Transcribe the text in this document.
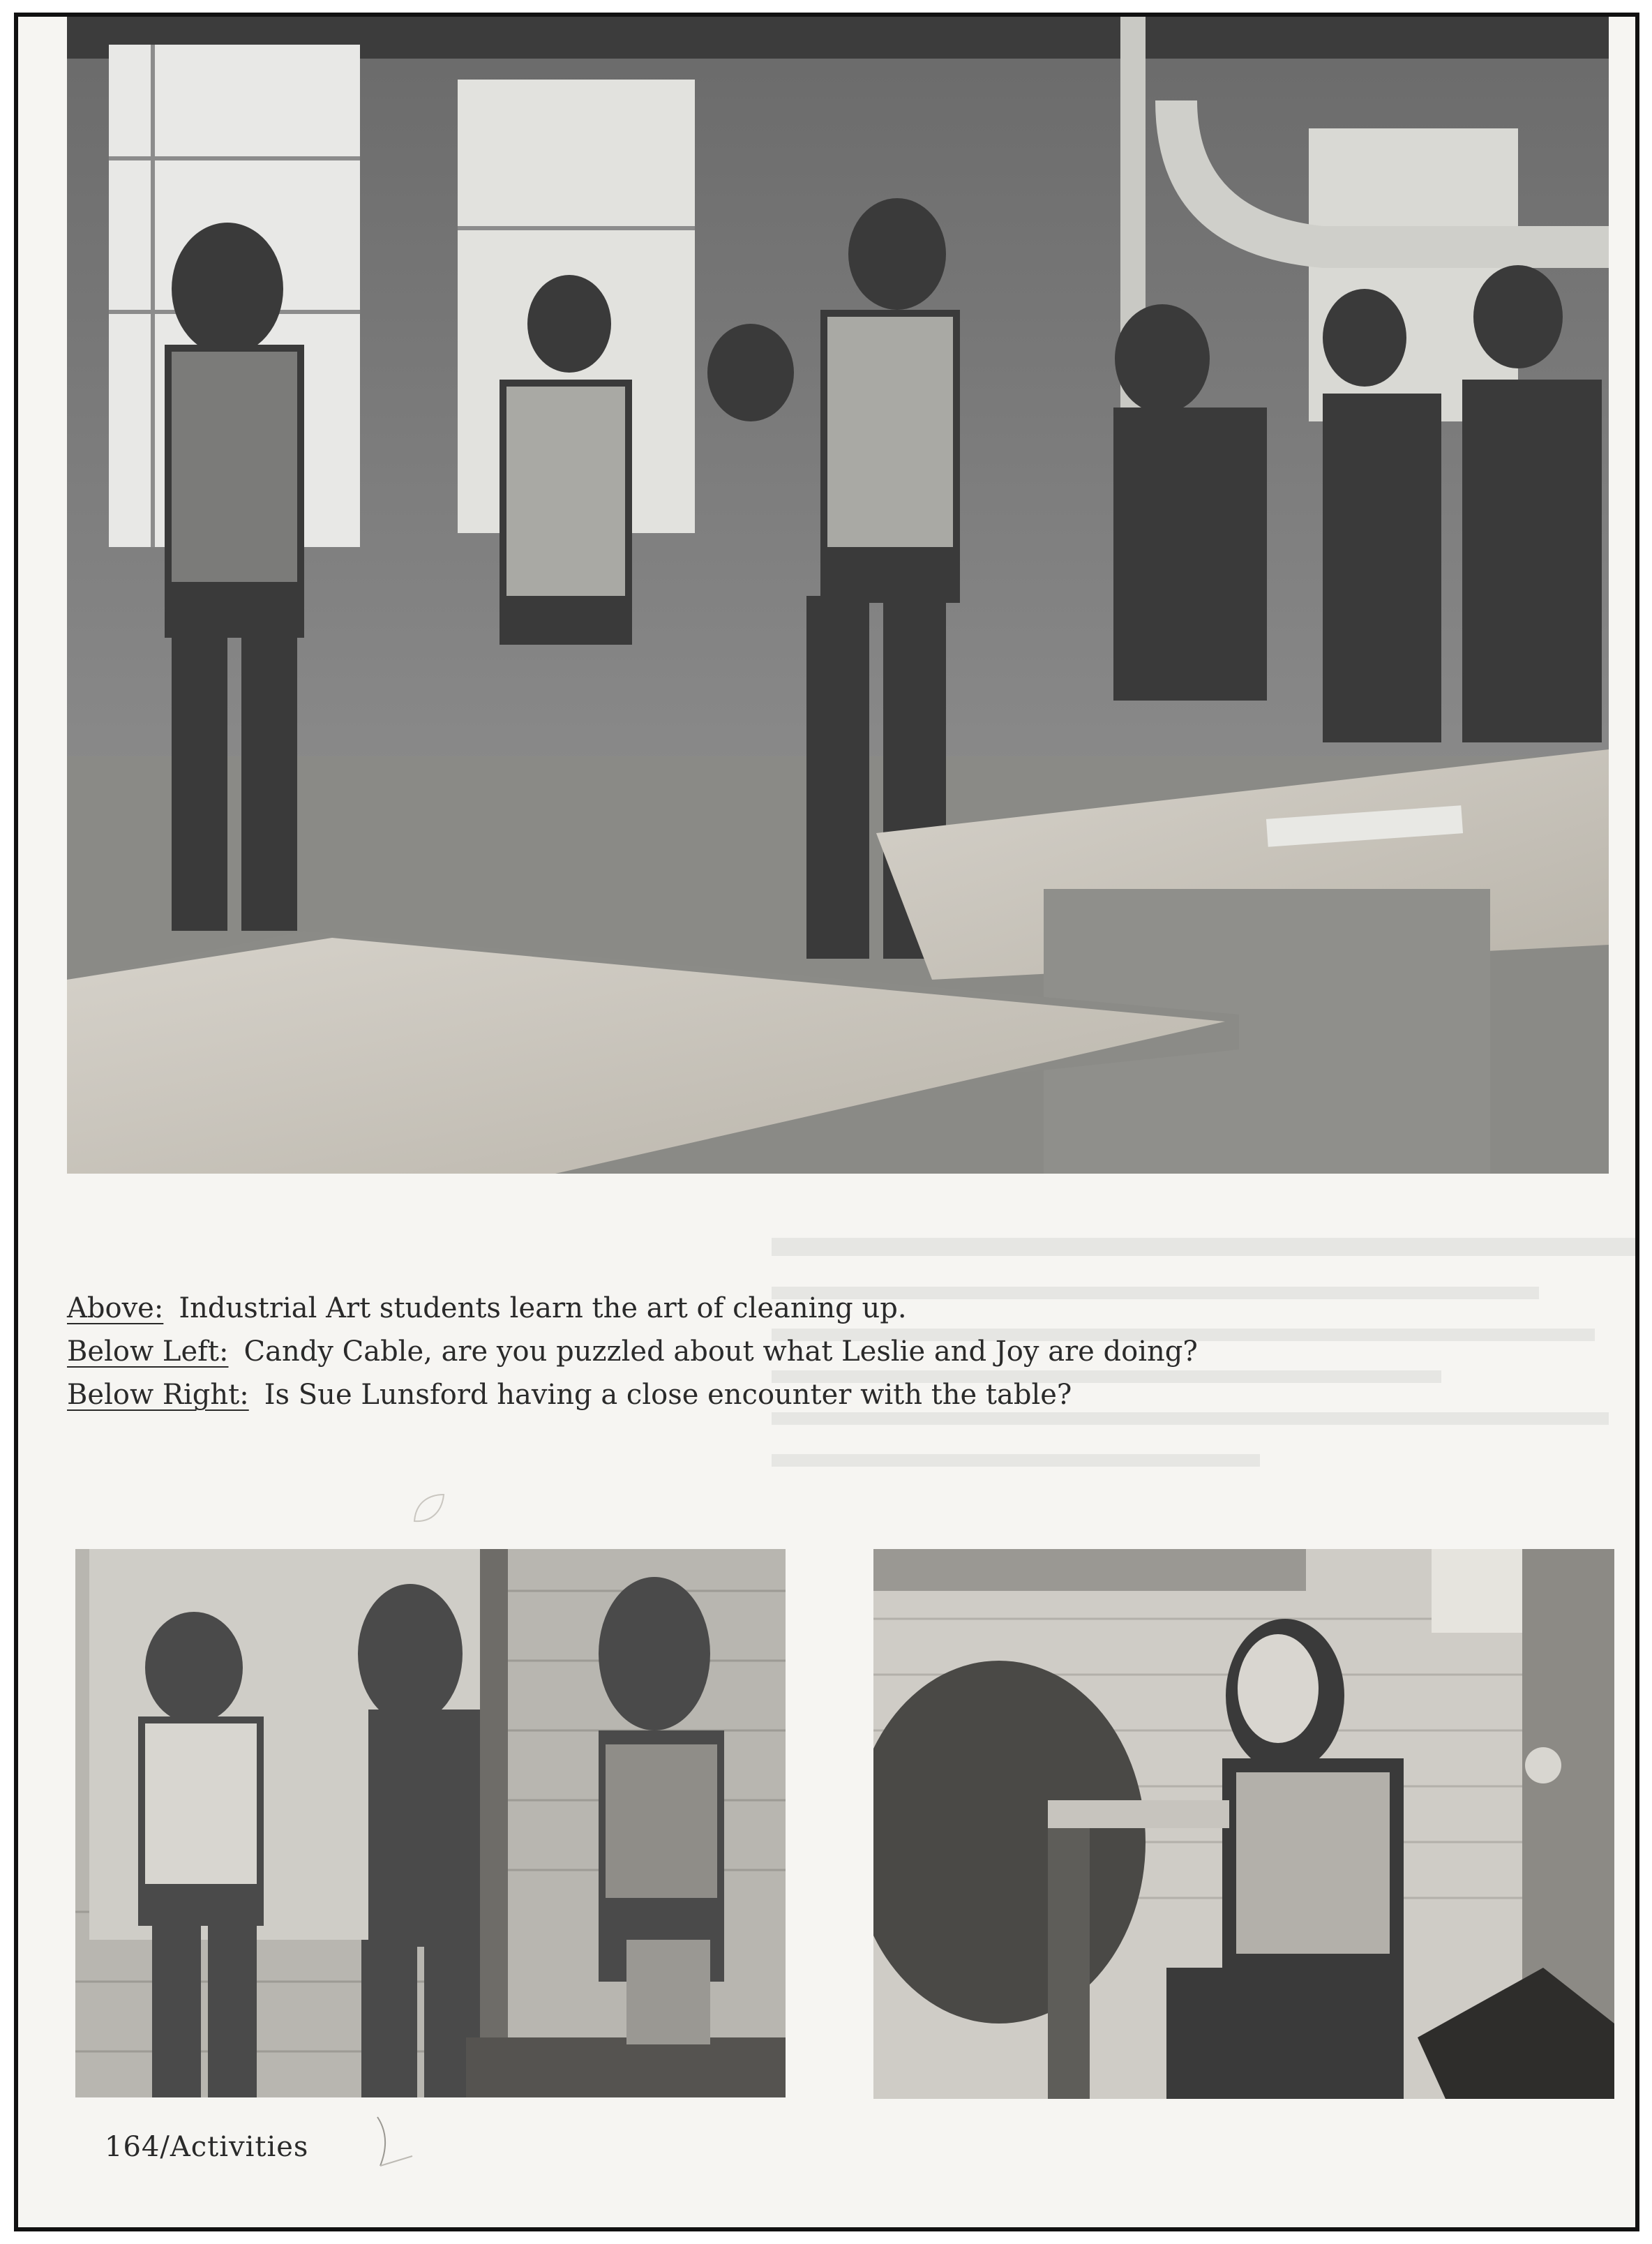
Above: Industrial Art students learn the art of cleaning up.
Below Left: Candy Cable, are you puzzled about what Leslie and Joy are doing?
Below Right: Is Sue Lunsford having a close encounter with the table?
164/Activities
